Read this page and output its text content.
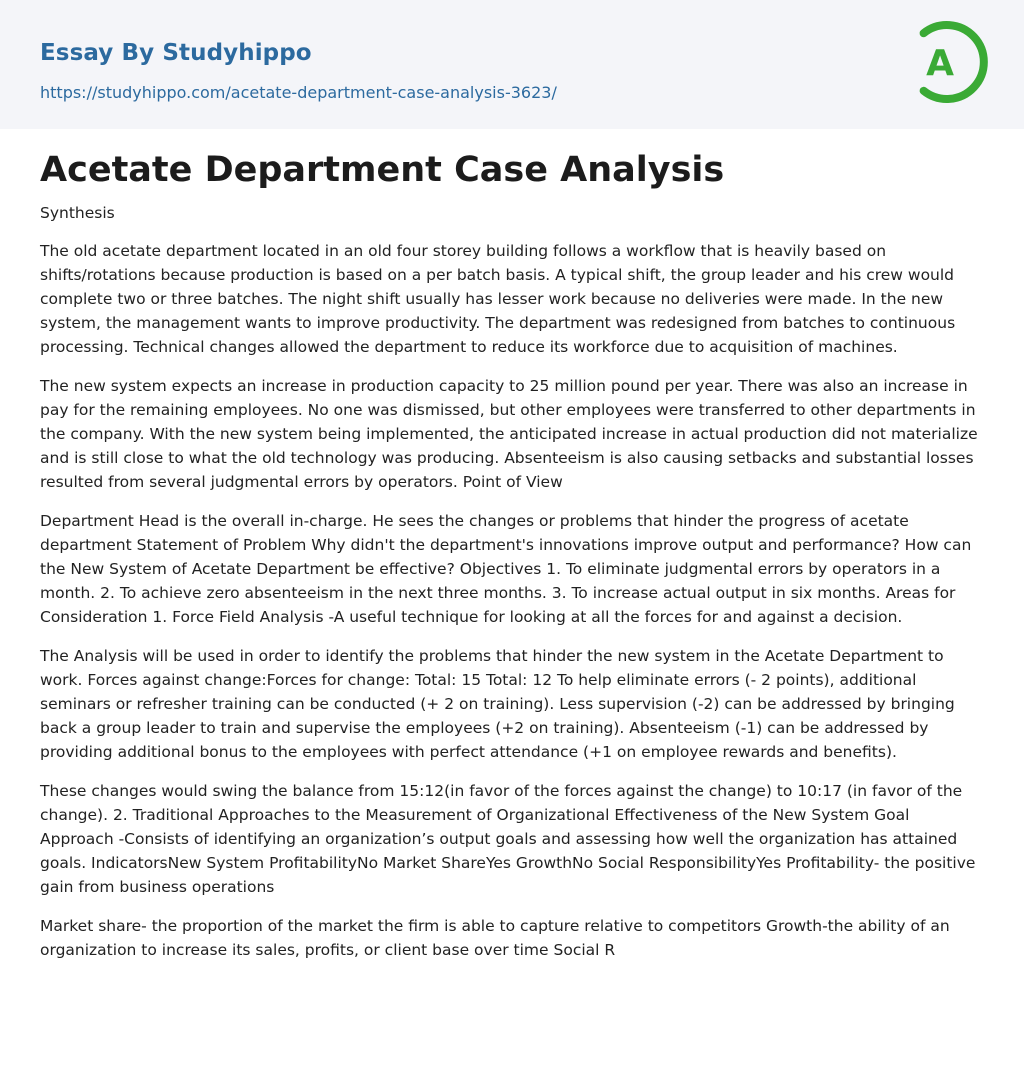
Essay By Studyhippo
https://studyhippo.com/acetate-department-case-analysis-3623/
A
Acetate Department Case Analysis
Synthesis

The old acetate department located in an old four storey building follows a workflow that is heavily based on shifts/rotations because production is based on a per batch basis. A typical shift, the group leader and his crew would complete two or three batches. The night shift usually has lesser work because no deliveries were made. In the new system, the management wants to improve productivity. The department was redesigned from batches to continuous processing. Technical changes allowed the department to reduce its workforce due to acquisition of machines.

The new system expects an increase in production capacity to 25 million pound per year. There was also an increase in pay for the remaining employees. No one was dismissed, but other employees were transferred to other departments in the company. With the new system being implemented, the anticipated increase in actual production did not materialize and is still close to what the old technology was producing. Absenteeism is also causing setbacks and substantial losses resulted from several judgmental errors by operators. Point of View

Department Head is the overall in-charge. He sees the changes or problems that hinder the progress of acetate department Statement of Problem Why didn't the department's innovations improve output and performance? How can the New System of Acetate Department be effective? Objectives 1. To eliminate judgmental errors by operators in a month. 2. To achieve zero absenteeism in the next three months. 3. To increase actual output in six months. Areas for Consideration 1. Force Field Analysis -A useful technique for looking at all the forces for and against a decision.

The Analysis will be used in order to identify the problems that hinder the new system in the Acetate Department to work. Forces against change:Forces for change: Total: 15 Total: 12 To help eliminate errors (- 2 points), additional seminars or refresher training can be conducted (+ 2 on training). Less supervision (-2) can be addressed by bringing back a group leader to train and supervise the employees (+2 on training). Absenteeism (-1) can be addressed by providing additional bonus to the employees with perfect attendance (+1 on employee rewards and benefits).

These changes would swing the balance from 15:12(in favor of the forces against the change) to 10:17 (in favor of the change). 2. Traditional Approaches to the Measurement of Organizational Effectiveness of the New System Goal Approach -Consists of identifying an organization’s output goals and assessing how well the organization has attained goals. IndicatorsNew System ProfitabilityNo Market ShareYes GrowthNo Social ResponsibilityYes Profitability- the positive gain from business operations

Market share- the proportion of the market the firm is able to capture relative to competitors Growth-the ability of an organization to increase its sales, profits, or client base over time Social R
